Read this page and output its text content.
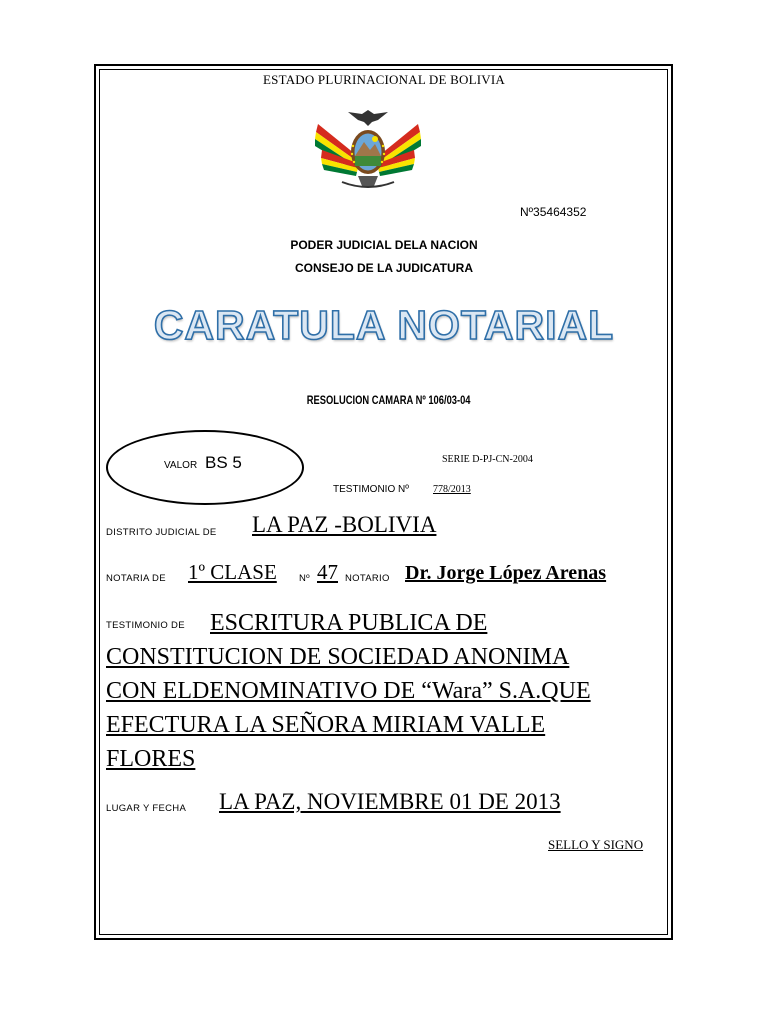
ESTADO PLURINACIONAL DE BOLIVIA
Nº35464352
PODER JUDICIAL DELA NACION
CONSEJO DE LA JUDICATURA
CARATULA NOTARIAL
RESOLUCION CAMARA Nº 106/03-04
VALOR BS 5	SERIE D-PJ-CN-2004
TESTIMONIO Nº 778/2013
DISTRITO JUDICIAL DE	LA PAZ -BOLIVIA
NOTARIA DE 1º CLASE Nº 47 NOTARIO Dr. Jorge López Arenas
TESTIMONIO DE	ESCRITURA PUBLICA DE
CONSTITUCION DE SOCIEDAD ANONIMA
CON ELDENOMINATIVO DE “Wara” S.A.QUE
EFECTURA LA SEÑORA MIRIAM VALLE
FLORES
LUGAR Y FECHA LA PAZ, NOVIEMBRE 01 DE 2013
SELLO Y SIGNO
